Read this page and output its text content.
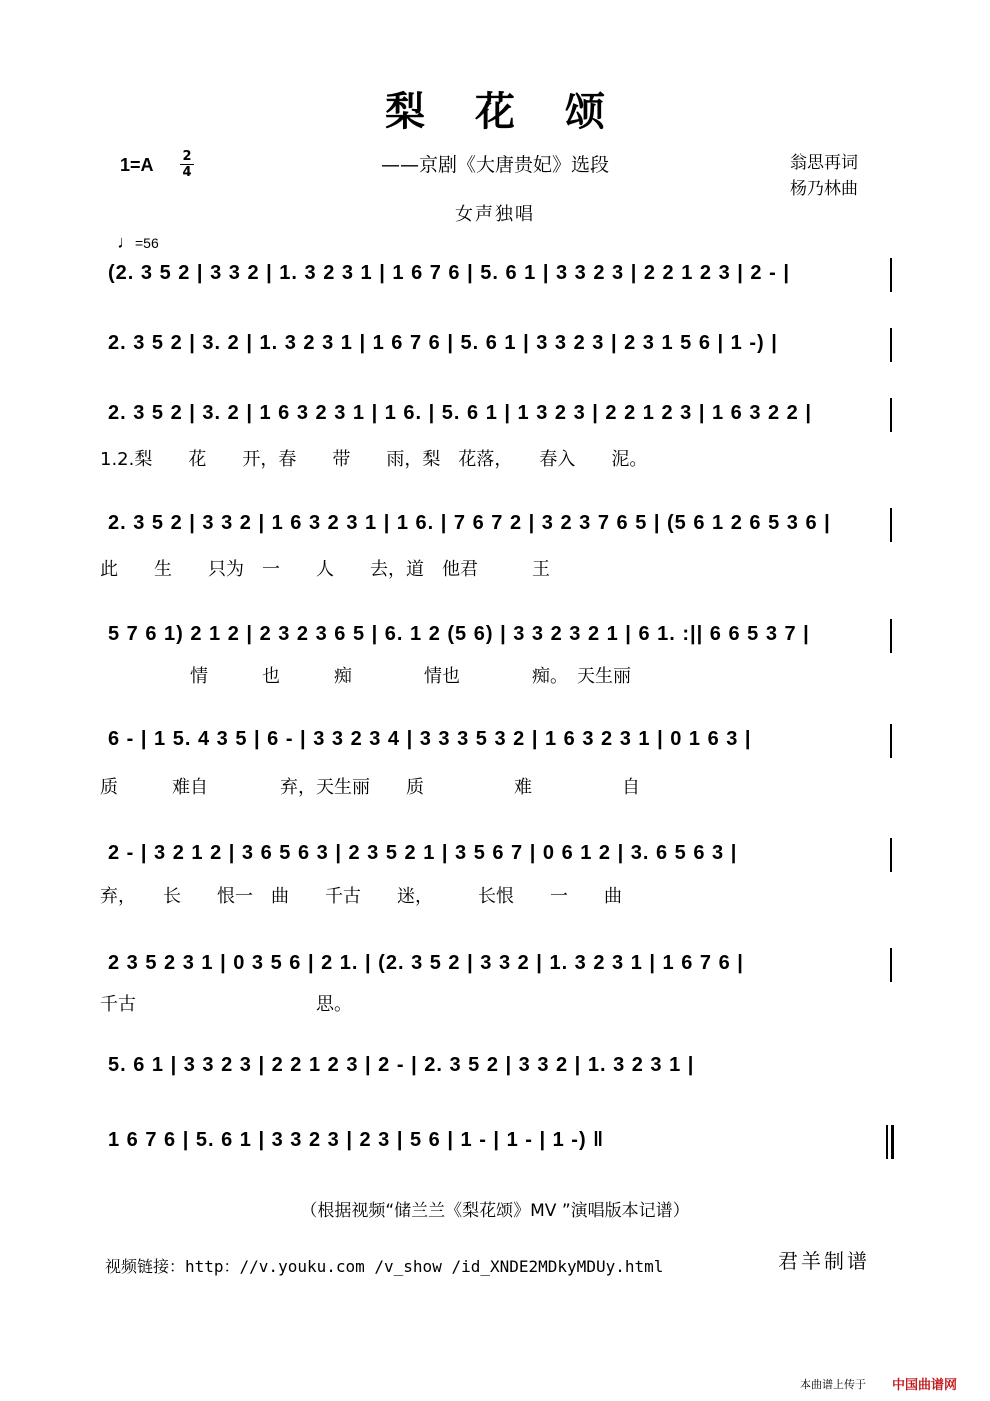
梨花颂
——京剧《大唐贵妃》选段
1=A 2
4	翁思再词
杨乃林曲
女声独唱
♩=56
(2. 3 5 2 | 3 3 2 | 1. 3 2 3 1 | 1 6 7 6 | 5. 6 1 | 3 3 2 3 | 2 2 1 2 3 | 2 - |
2. 3 5 2 | 3. 2 | 1. 3 2 3 1 | 1 6 7 6 | 5. 6 1 | 3 3 2 3 | 2 3 1 5 6 | 1 -) |
2. 3 5 2 | 3. 2 | 1 6 3 2 3 1 | 1 6. | 5. 6 1 | 1 3 2 3 | 2 2 1 2 3 | 1 6 3 2 2 |
1.2.梨　　花　　开，春　　带　　雨，梨　花落，　　春入　　泥。
2. 3 5 2 | 3 3 2 | 1 6 3 2 3 1 | 1 6. | 7 6 7 2 | 3 2 3 7 6 5 | (5 6 1 2 6 5 3 6 |
此　　生　　只为　一　　人　　去，道　他君　　　王
5 7 6 1) 2 1 2 | 2 3 2 3 6 5 | 6. 1 2 (5 6) | 3 3 2 3 2 1 | 6 1. :|| 6 6 5 3 7 |
　　　　　情　　　也　　　痴　　　　情也　　　　痴。　天生丽
6 - | 1 5. 4 3 5 | 6 - | 3 3 2 3 4 | 3 3 3 5 3 2 | 1 6 3 2 3 1 | 0 1 6 3 |
质　　　难自　　　　弃，天生丽　　质　　　　　难　　　　　自
2 - | 3 2 1 2 | 3 6 5 6 3 | 2 3 5 2 1 | 3 5 6 7 | 0 6 1 2 | 3. 6 5 6 3 |
弃，　　长　　恨一　曲　　千古　　迷，　　　长恨　　一　　曲
2 3 5 2 3 1 | 0 3 5 6 | 2 1. | (2. 3 5 2 | 3 3 2 | 1. 3 2 3 1 | 1 6 7 6 |
千古　　　　　　　　　　思。
5. 6 1 | 3 3 2 3 | 2 2 1 2 3 | 2 - | 2. 3 5 2 | 3 3 2 | 1. 3 2 3 1 |
1 6 7 6 | 5. 6 1 | 3 3 2 3 | 2 3 | 5 6 | 1 - | 1 - | 1 -) ‖
（根据视频“储兰兰《梨花颂》MV ”演唱版本记谱）
视频链接：http：//v.youku.com /v_show /id_XNDE2MDkyMDUy.html	君羊制谱
本曲谱上传于 中国曲谱网
